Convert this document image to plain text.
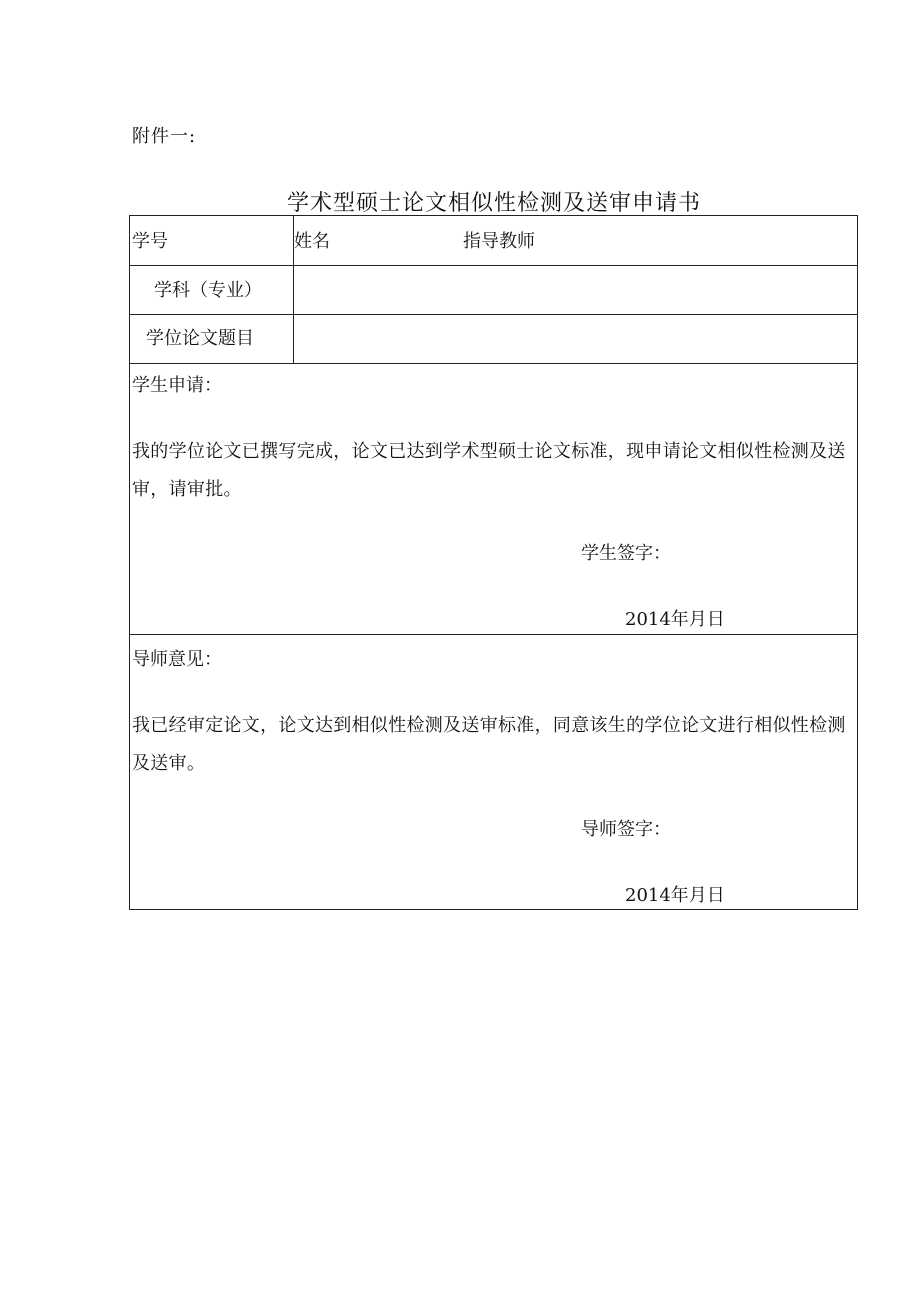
附件一:
学术型硕士论文相似性检测及送审申请书
学号	姓名	指导教师
学科（专业）
学位论文题目
学生申请：
我的学位论文已撰写完成，论文已达到学术型硕士论文标准，现申请论文相似性检测及送审，请审批。
学生签字：
2014年月日
导师意见：
我已经审定论文，论文达到相似性检测及送审标准，同意该生的学位论文进行相似性检测及送审。
导师签字：
2014年月日
